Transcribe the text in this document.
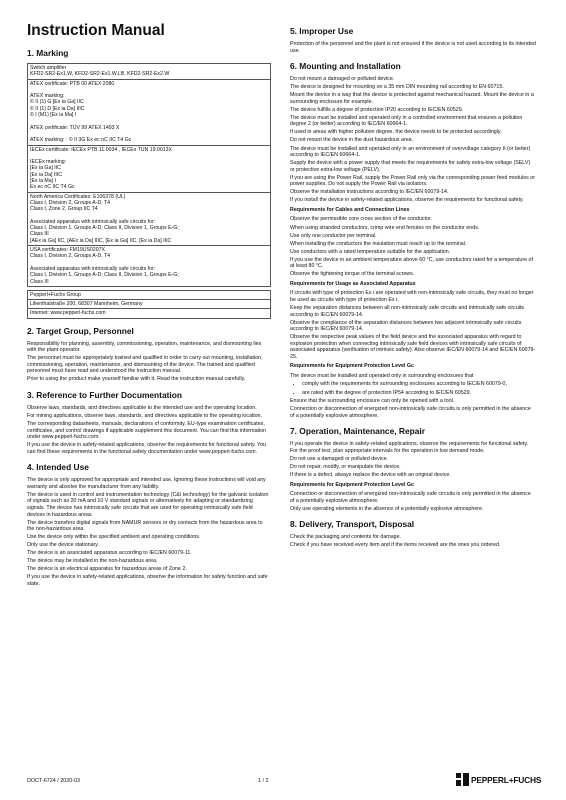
Instruction Manual
1. Marking
Switch amplifier
KFD2-SR2-Ex1.W, KFD2-SR2-Ex1.W.LB, KFD2-SR2-Ex2.W
ATEX certificate: PTB 00 ATEX 2080
ATEX marking:
© II (1) G [Ex ia Ga] IIC
© II (1) D [Ex ia Da] IIIC
© I (M1) [Ex ia Ma] I
ATEX certificate: TÜV 99 ATEX 1493 X
ATEX marking: : © II 3G Ex ec nC IIC T4 Gc
IECEx certificate: IECEx PTB 11.0034 , IECEx TUN 19.0013X
IECEx marking:
[Ex ia Ga] IIC
[Ex ia Da] IIIC
[Ex ia Ma] I
Ex ec nC IIC T4 Gc
North America Certificates: E106378 (UL)
Class I, Division 2, Groups A-D, T4
Class I, Zone 2, Group IIC T4
Associated apparatus with intrinsically safe circuits for:
Class I, Division 1, Groups A-D; Class II, Division 1, Groups E-G;
Class III
[AEx ia Ga] IIC, [AEx ia Da] IIIC, [Ex ia Ga] IIC, [Ex ia Da] IIIC
USA certificates: FM19US0207X
Class I, Division 2, Groups A-D, T4
Associated apparatus with intrinsically safe circuits for:
Class I, Division 1, Groups A-D; Class II, Division 1, Groups E-G;
Class III
Pepperl+Fuchs Group
Lilienthalstraße 200, 68307 Mannheim, Germany
Internet: www.pepperl-fuchs.com
2. Target Group, Personnel

Responsibility for planning, assembly, commissioning, operation, maintenance, and dismounting lies with the plant operator.

The personnel must be appropriately trained and qualified in order to carry out mounting, installation, commissioning, operation, maintenance, and dismounting of the device. The trained and qualified personnel must have read and understood the instruction manual.

Prior to using the product make yourself familiar with it. Read the instruction manual carefully.

3. Reference to Further Documentation

Observe laws, standards, and directives applicable to the intended use and the operating location.

For mining applications, observe laws, standards, and directives applicable to the operating location.

The corresponding datasheets, manuals, declarations of conformity, EU-type examination certificates, certificates, and control drawings if applicable supplement this document. You can find this information under www.pepperl-fuchs.com.

If you use the device in safety-related applications, observe the requirements for functional safety. You can find these requirements in the functional safety documentation under www.pepperl-fuchs.com.

4. Intended Use

The device is only approved for appropriate and intended use. Ignoring these instructions will void any warranty and absolve the manufacturer from any liability.

The device is used in control and instrumentation technology (C&I technology) for the galvanic isolation of signals such as 20 mA and 10 V standard signals or alternatively for adapting or standardizing signals. The device has intrinsically safe circuits that are used for operating intrinsically safe field devices in hazardous areas.

The device transfers digital signals from NAMUR sensors or dry contacts from the hazardous area to the non-hazardous area.

Use the device only within the specified ambient and operating conditions.

Only use the device stationary.

The device is an associated apparatus according to IEC/EN 60079-11.

The device may be installed in the non-hazardous area.

The device is an electrical apparatus for hazardous areas of Zone 2.

If you use the device in safety-related applications, observe the information for safety function and safe state.

5. Improper Use

Protection of the personnel and the plant is not ensured if the device is not used according to its intended use.

6. Mounting and Installation

Do not mount a damaged or polluted device.

The device is designed for mounting on a 35 mm DIN mounting rail according to EN 60715.

Mount the device in a way that the device is protected against mechanical hazard. Mount the device in a surrounding enclosure for example.

The device fulfills a degree of protection IP20 according to IEC/EN 60529.

The device must be installed and operated only in a controlled environment that ensures a pollution degree 2 (or better) according to IEC/EN 60664-1.

If used in areas with higher pollution degree, the device needs to be protected accordingly.

Do not mount the device in the dust hazardous area.

The device must be installed and operated only in an environment of overvoltage category II (or better) according to IEC/EN 60664-1.

Supply the device with a power supply that meets the requirements for safety extra-low voltage (SELV) or protective extra-low voltage (PELV).

If you are using the Power Rail, supply the Power Rail only via the corresponding power feed modules or power supplies. Do not supply the Power Rail via isolators.

Observe the installation instructions according to IEC/EN 60079-14.

If you install the device in safety-related applications, observe the requirements for functional safety.

Requirements for Cables and Connection Lines

Observe the permissible core cross section of the conductor.

When using stranded conductors, crimp wire end ferrules on the conductor ends.

Use only one conductor per terminal.

When installing the conductors the insulation must reach up to the terminal.

Use conductors with a rated temperature suitable for the application.

If you use the device in an ambient temperature above 60 °C, use conductors rated for a temperature of at least 80 °C.

Observe the tightening torque of the terminal screws.

Requirements for Usage as Associated Apparatus

If circuits with type of protection Ex i are operated with non-intrinsically safe circuits, they must no longer be used as circuits with type of protection Ex i.

Keep the separation distances between all non-intrinsically safe circuits and intrinsically safe circuits according to IEC/EN 60079-14.

Observe the compliance of the separation distances between two adjacent intrinsically safe circuits according to IEC/EN 60079-14.

Observe the respective peak values of the field device and the associated apparatus with regard to explosion protection when connecting intrinsically safe field devices with intrinsically safe circuits of associated apparatus (verification of intrinsic safety). Also observe IEC/EN 60079-14 and IEC/EN 60079-25.

Requirements for Equipment Protection Level Gc

The device must be installed and operated only in surrounding enclosures that

• comply with the requirements for surrounding enclosures according to IEC/EN 60079-0,
• are rated with the degree of protection IP54 according to IEC/EN 60529.

Ensure that the surrounding enclosure can only be opened with a tool.

Connection or disconnection of energized non-intrinsically safe circuits is only permitted in the absence of a potentially explosive atmosphere.

7. Operation, Maintenance, Repair

If you operate the device in safety-related applications, observe the requirements for functional safety. For the proof test, plan appropriate intervals for the operation in low demand mode.

Do not use a damaged or polluted device.

Do not repair, modify, or manipulate the device.

If there is a defect, always replace the device with an original device.

Requirements for Equipment Protection Level Gc

Connection or disconnection of energized non-intrinsically safe circuits is only permitted in the absence of a potentially explosive atmosphere.

Only use operating elements in the absence of a potentially explosive atmosphere.

8. Delivery, Transport, Disposal

Check the packaging and contents for damage.

Check if you have received every item and if the items received are the ones you ordered.

DOCT-6724 / 2020-03	1 / 2	PEPPERL+FUCHS
